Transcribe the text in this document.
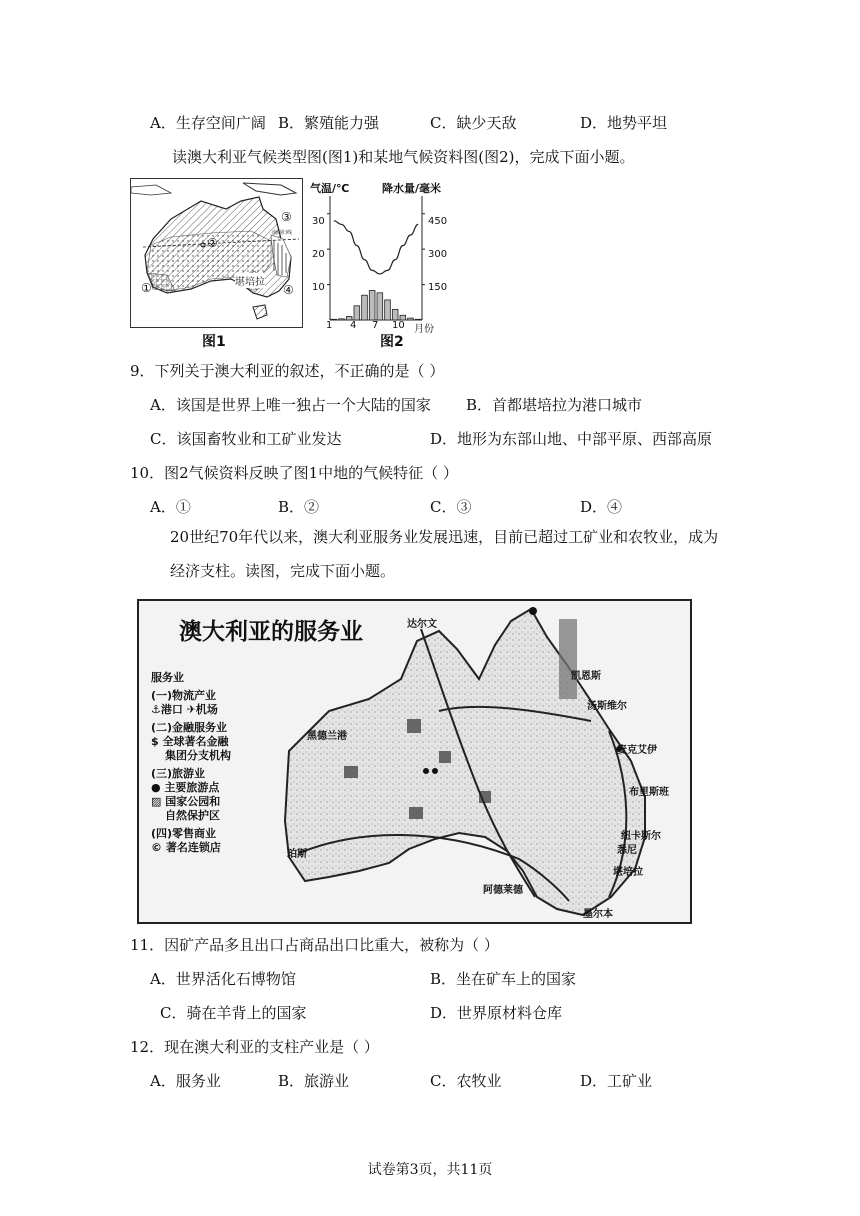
A．生存空间广阔 B．繁殖能力强	C．缺少天敌	D．地势平坦
读澳大利亚气候类型图(图1)和某地气候资料图(图2)，完成下面小题。
③
②
①	④
堪培拉
南回归线
图1
气温/℃	降水量/毫米
30
20
10
450
300
150
1 4 7 10 月份
图2
9．下列关于澳大利亚的叙述，不正确的是（ ）
A．该国是世界上唯一独占一个大陆的国家 B．首都堪培拉为港口城市
C．该国畜牧业和工矿业发达	D．地形为东部山地、中部平原、西部高原
10．图2气候资料反映了图1中地的气候特征（ ）
A．①	B．②	C．③	D．④
20世纪70年代以来，澳大利亚服务业发展迅速，目前已超过工矿业和农牧业，成为经济支柱。读图，完成下面小题。
澳大利亚的服务业
服务业
(一)物流产业
⚓港口 ✈机场
(二)金融服务业
$ 全球著名金融
集团分支机构
(三)旅游业
● 主要旅游点
▨ 国家公园和
自然保护区
(四)零售商业
© 著名连锁店
达尔文
凯恩斯
汤斯维尔
黑德兰港
麦克艾伊
布里斯班
纽卡斯尔
悉尼
堪培拉
阿德莱德
墨尔本
珀斯
11．因矿产品多且出口占商品出口比重大，被称为（ ）
A．世界活化石博物馆	B．坐在矿车上的国家
C．骑在羊背上的国家	D．世界原材料仓库
12．现在澳大利亚的支柱产业是（ ）
A．服务业	B．旅游业	C．农牧业	D．工矿业
试卷第3页，共11页
